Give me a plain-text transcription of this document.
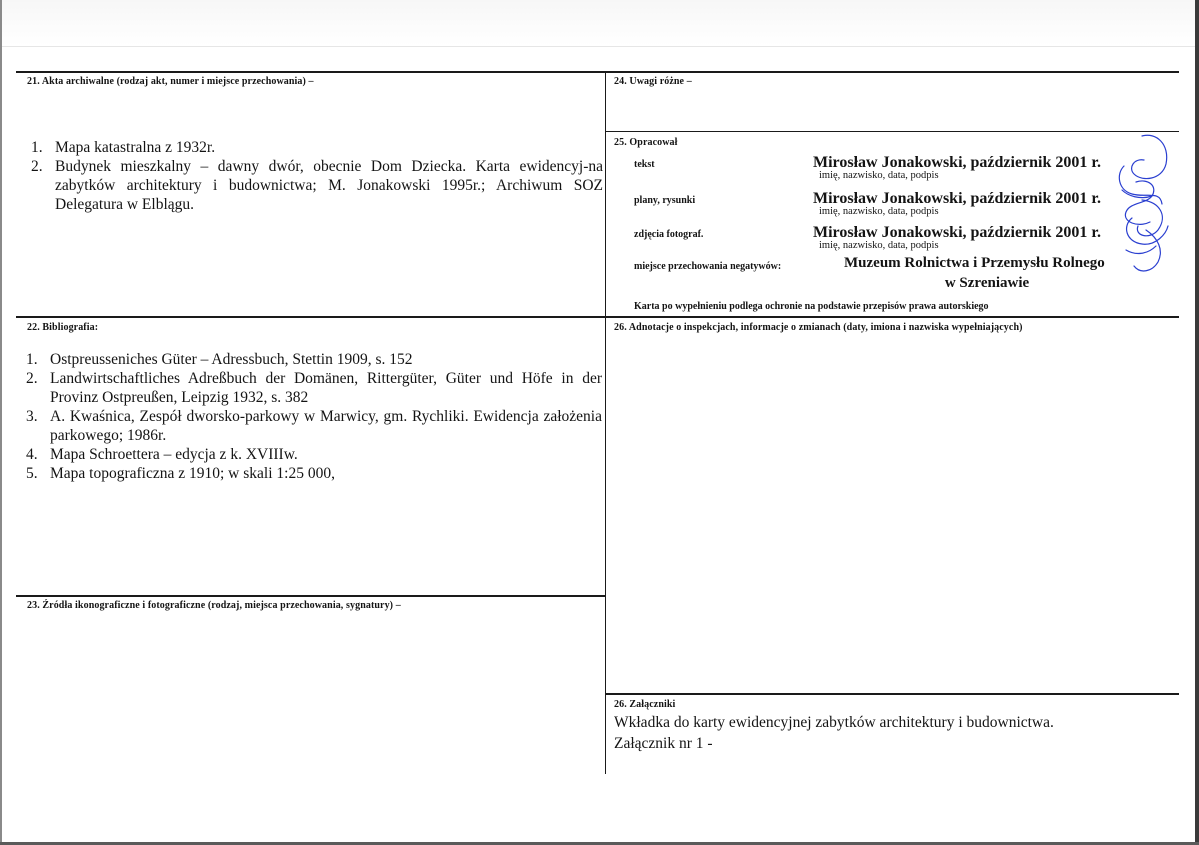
21. Akta archiwalne (rodzaj akt, numer i miejsce przechowania) –
1. Mapa katastralna z 1932r.
2. Budynek mieszkalny – dawny dwór, obecnie Dom Dziecka. Karta ewidencyj-na zabytków architektury i budownictwa; M. Jonakowski 1995r.; Archiwum SOZ Delegatura w Elblągu.
22. Bibliografia:
1. Ostpreusseniches Güter – Adressbuch, Stettin 1909, s. 152
2. Landwirtschaftliches Adreßbuch der Domänen, Rittergüter, Güter und Höfe in der Provinz Ostpreußen, Leipzig 1932, s. 382
3. A. Kwaśnica, Zespół dworsko-parkowy w Marwicy, gm. Rychliki. Ewidencja założenia parkowego; 1986r.
4. Mapa Schroettera – edycja z k. XVIIIw.
5. Mapa topograficzna z 1910; w skali 1:25 000,
23. Źródła ikonograficzne i fotograficzne (rodzaj, miejsca przechowania, sygnatury) –
24. Uwagi różne –
25. Opracował
tekst	Mirosław Jonakowski, październik 2001 r.
imię, nazwisko, data, podpis
plany, rysunki	Mirosław Jonakowski, październik 2001 r.
imię, nazwisko, data, podpis
zdjęcia fotograf.	Mirosław Jonakowski, październik 2001 r.
imię, nazwisko, data, podpis
miejsce przechowania negatywów:	Muzeum Rolnictwa i Przemysłu Rolnego
w Szreniawie
Karta po wypełnieniu podlega ochronie na podstawie przepisów prawa autorskiego
26. Adnotacje o inspekcjach, informacje o zmianach (daty, imiona i nazwiska wypełniających)
26. Załączniki
Wkładka do karty ewidencyjnej zabytków architektury i budownictwa.
Załącznik nr 1 -
